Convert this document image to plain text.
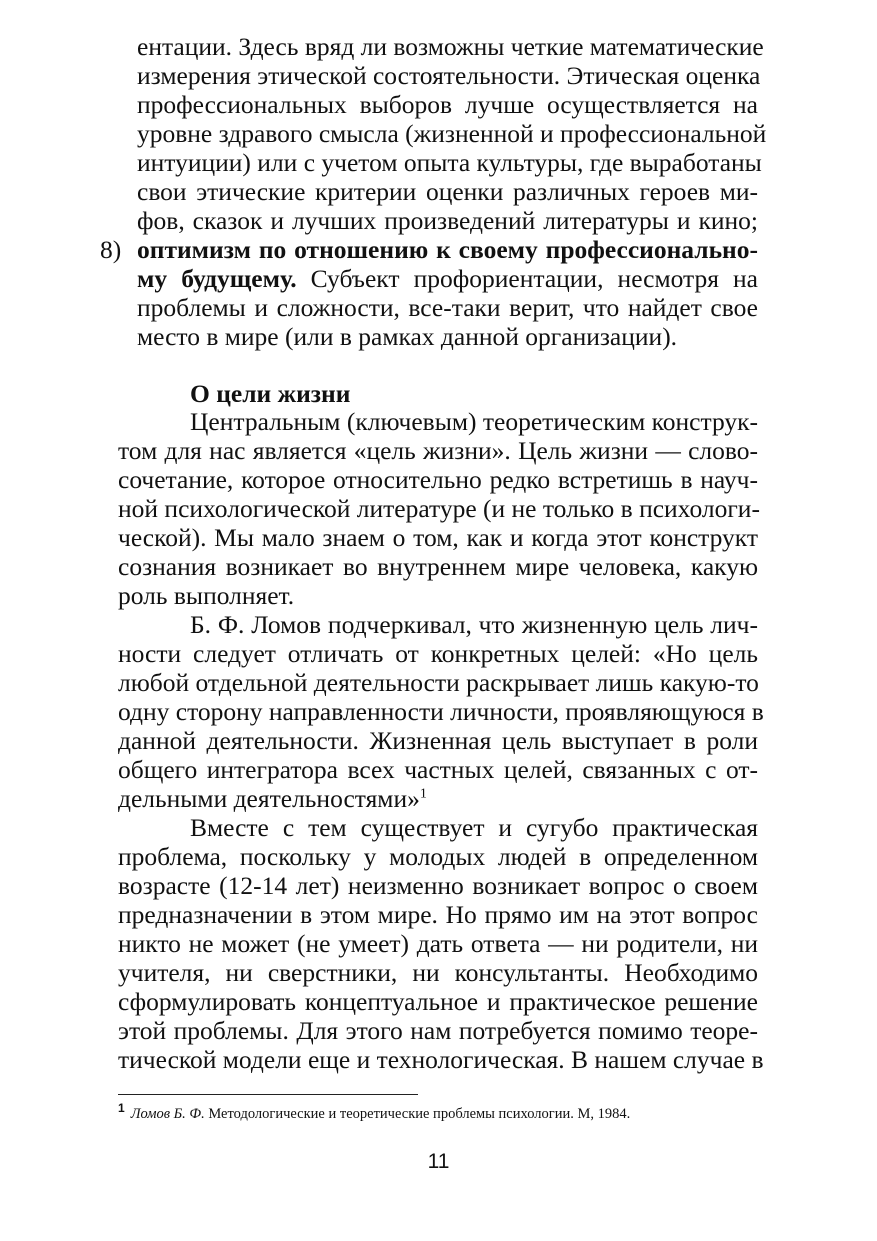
ентации. Здесь вряд ли возможны четкие математические
измерения этической состоятельности. Этическая оценка
профессиональных выборов лучше осуществляется на
уровне здравого смысла (жизненной и профессиональной
интуиции) или с учетом опыта культуры, где выработаны
свои этические критерии оценки различных героев ми-
фов, сказок и лучших произведений литературы и кино;
8) оптимизм по отношению к своему профессионально-
му будущему. Субъект профориентации, несмотря на
проблемы и сложности, все-таки верит, что найдет свое
место в мире (или в рамках данной организации).
О цели жизни
Центральным (ключевым) теоретическим конструк-
том для нас является «цель жизни». Цель жизни — слово-
сочетание, которое относительно редко встретишь в науч-
ной психологической литературе (и не только в психологи-
ческой). Мы мало знаем о том, как и когда этот конструкт
сознания возникает во внутреннем мире человека, какую
роль выполняет.
Б. Ф. Ломов подчеркивал, что жизненную цель лич-
ности следует отличать от конкретных целей: «Но цель
любой отдельной деятельности раскрывает лишь какую-то
одну сторону направленности личности, проявляющуюся в
данной деятельности. Жизненная цель выступает в роли
общего интегратора всех частных целей, связанных с от-
дельными деятельностями»$^1$
Вместе с тем существует и сугубо практическая
проблема, поскольку у молодых людей в определенном
возрасте (12-14 лет) неизменно возникает вопрос о своем
предназначении в этом мире. Но прямо им на этот вопрос
никто не может (не умеет) дать ответа — ни родители, ни
учителя, ни сверстники, ни консультанты. Необходимо
сформулировать концептуальное и практическое решение
этой проблемы. Для этого нам потребуется помимо теоре-
тической модели еще и технологическая. В нашем случае в
$^1$ Ломов Б. Ф. Методологические и теоретические проблемы психологии. М, 1984.
11
